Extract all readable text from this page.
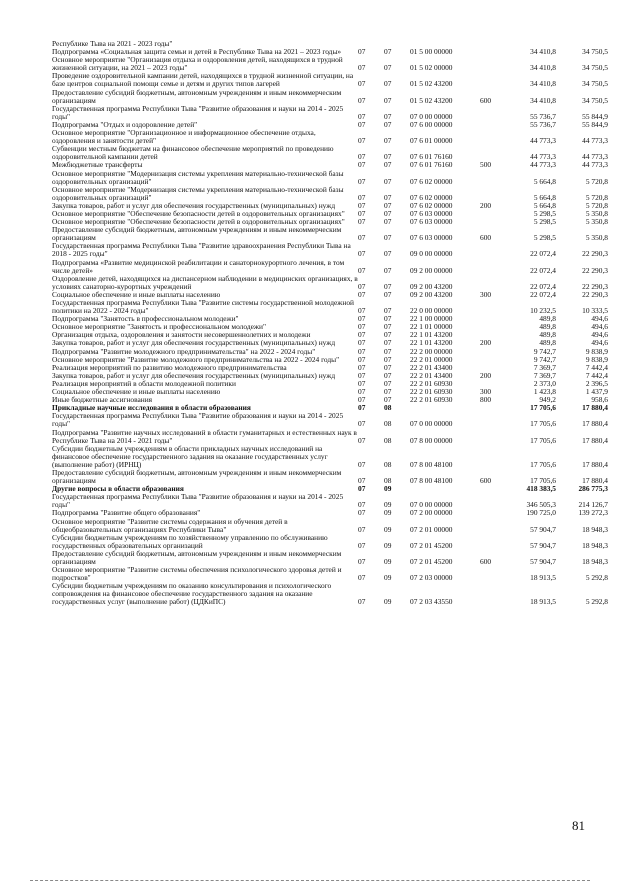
Республике Тыва на 2021 - 2023 годы"						
Подпрограмма «Социальная защита семьи и детей в Республике Тыва на 2021 – 2023 годы»	07	07	01 5 00 00000		34 410,8	34 750,5
Основное мероприятие "Организация отдыха и оздоровления детей, находящихся в трудной жизненной ситуации, на 2021 – 2023 годы"	07	07	01 5 02 00000		34 410,8	34 750,5
Проведение оздоровительной кампании детей, находящихся в трудной жизненной ситуации, на базе центров социальной помощи семье и детям и других типов лагерей	07	07	01 5 02 43200		34 410,8	34 750,5
Предоставление субсидий бюджетным, автономным учреждениям и иным некоммерческим организациям	07	07	01 5 02 43200	600	34 410,8	34 750,5
Государственная программа Республики Тыва "Развитие образования и науки на 2014 - 2025 годы"	07	07	07 0 00 00000		55 736,7	55 844,9
Подпрограмма "Отдых и оздоровление детей"	07	07	07 6 00 00000		55 736,7	55 844,9
Основное мероприятие "Организационное и информационное обеспечение отдыха, оздоровления и занятости детей"	07	07	07 6 01 00000		44 773,3	44 773,3
Субвенции местным бюджетам на финансовое обеспечение мероприятий по проведению оздоровительной кампании детей	07	07	07 6 01 76160		44 773,3	44 773,3
Межбюджетные трансферты	07	07	07 6 01 76160	500	44 773,3	44 773,3
Основное мероприятие "Модернизация системы укрепления материально-технической базы оздоровительных организаций"	07	07	07 6 02 00000		5 664,8	5 720,8
Основное мероприятие "Модернизация системы укрепления материально-технической базы оздоровительных организаций"	07	07	07 6 02 00000		5 664,8	5 720,8
Закупка товаров, работ и услуг для обеспечения государственных (муниципальных) нужд	07	07	07 6 02 00000	200	5 664,8	5 720,8
Основное мероприятие "Обеспечение безопасности детей в оздоровительных организациях"	07	07	07 6 03 00000		5 298,5	5 350,8
Основное мероприятие "Обеспечение безопасности детей в оздоровительных организациях"	07	07	07 6 03 00000		5 298,5	5 350,8
Предоставление субсидий бюджетным, автономным учреждениям и иным некоммерческим организациям	07	07	07 6 03 00000	600	5 298,5	5 350,8
Государственная программа Республики Тыва "Развитие здравоохранения Республики Тыва на 2018 - 2025 годы"	07	07	09 0 00 00000		22 072,4	22 290,3
Подпрограмма «Развитие медицинской реабилитации и санаторнокурортного лечения, в том числе детей»	07	07	09 2 00 00000		22 072,4	22 290,3
Оздоровление детей, находящихся на диспансерном наблюдении в медицинских организациях, в условиях санаторно-курортных учреждений	07	07	09 2 00 43200		22 072,4	22 290,3
Социальное обеспечение и иные выплаты населению	07	07	09 2 00 43200	300	22 072,4	22 290,3
Государственная программа Республики Тыва "Развитие системы государственной молодежной политики на 2022 - 2024 годы"	07	07	22 0 00 00000		10 232,5	10 333,5
Подпрограмма "Занятость в профессиональном молодежи"	07	07	22 1 00 00000		489,8	494,6
Основное мероприятие "Занятость и профессиональном молодежи"	07	07	22 1 01 00000		489,8	494,6
Организация отдыха, оздоровления и занятости несовершеннолетних и молодежи	07	07	22 1 01 43200		489,8	494,6
Закупка товаров, работ и услуг для обеспечения государственных (муниципальных) нужд	07	07	22 1 01 43200	200	489,8	494,6
Подпрограмма "Развитие молодежного предпринимательства" на 2022 - 2024 годы"	07	07	22 2 00 00000		9 742,7	9 838,9
Основное мероприятие "Развитие молодежного предпринимательства на 2022 - 2024 годы"	07	07	22 2 01 00000		9 742,7	9 838,9
Реализация мероприятий по развитию молодежного предпринимательства	07	07	22 2 01 43400		7 369,7	7 442,4
Закупка товаров, работ и услуг для обеспечения государственных (муниципальных) нужд	07	07	22 2 01 43400	200	7 369,7	7 442,4
Реализация мероприятий в области молодежной политики	07	07	22 2 01 60930		2 373,0	2 396,5
Социальное обеспечение и иные выплаты населению	07	07	22 2 01 60930	300	1 423,8	1 437,9
Иные бюджетные ассигнования	07	07	22 2 01 60930	800	949,2	958,6
Прикладные научные исследования в области образования	07	08			17 705,6	17 880,4
Государственная программа Республики Тыва "Развитие образования и науки на 2014 - 2025 годы"	07	08	07 0 00 00000		17 705,6	17 880,4
Подпрограмма "Развитие научных исследований в области гуманитарных и естественных наук в Республике Тыва на 2014 - 2021 годы"	07	08	07 8 00 00000		17 705,6	17 880,4
Субсидии бюджетным учреждениям в области прикладных научных исследований на финансовое обеспечение государственного задания на оказание государственных услуг (выполнение работ) (ИРНЦ)	07	08	07 8 00 48100		17 705,6	17 880,4
Предоставление субсидий бюджетным, автономным учреждениям и иным некоммерческим организациям	07	08	07 8 00 48100	600	17 705,6	17 880,4
Другие вопросы в области образования	07	09			418 383,5	286 775,3
Государственная программа Республики Тыва "Развитие образования и науки на 2014 - 2025 годы"	07	09	07 0 00 00000		346 505,3	214 126,7
Подпрограмма "Развитие общего образования"	07	09	07 2 00 00000		190 725,0	139 272,3
Основное мероприятие "Развитие системы содержания и обучения детей в общеобразовательных организациях Республики Тыва"	07	09	07 2 01 00000		57 904,7	18 948,3
Субсидии бюджетным учреждениям по хозяйственному управлению по обслуживанию государственных образовательных организаций	07	09	07 2 01 45200		57 904,7	18 948,3
Предоставление субсидий бюджетным, автономным учреждениям и иным некоммерческим организациям	07	09	07 2 01 45200	600	57 904,7	18 948,3
Основное мероприятие "Развитие системы обеспечения психологического здоровья детей и подростков"	07	09	07 2 03 00000		18 913,5	5 292,8
Субсидии бюджетным учреждениям по оказанию консультирования и психологического сопровождения на финансовое обеспечение государственного задания на оказание государственных услуг (выполнение работ) (ЦДКиПС)	07	09	07 2 03 43550		18 913,5	5 292,8
81
